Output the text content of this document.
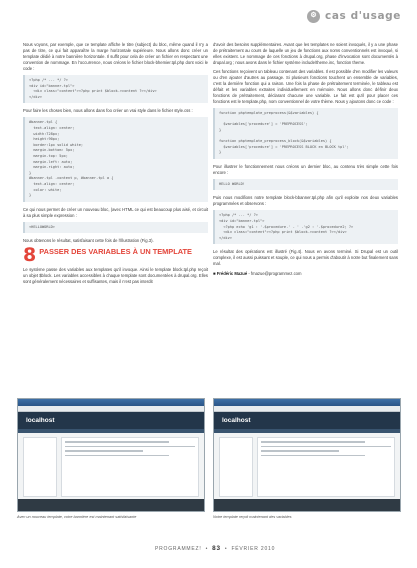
⚙ cas d'usage

Nous voyons, par exemple, que ce template affiche le titre (subject) du bloc, même quand il n'y a pas de titre, ce qui fait apparaître la marge horizontale supérieure. Nous allons donc créer un template dédié à notre bannière horizontale. Il suffit pour cela de créer un fichier en respectant une convention de nommage. En l'occurrence, nous créons le fichier block-bhemier.tpl.php dont voici le code :

<?php /* ... */ ?>
<div id="banner-tpl">
<div class="content"><?php print $block->content ?></div>
</div>

Pour faire les choses bien, nous allons dans foo créer un vrai style dans le fichier style.css :

#banner-tpl {
text-align: center;
width:728px;
height:90px;
border:1px solid white;
margin-bottom: 5px;
margin-top: 5px;
margin-left: auto;
margin-right: auto;
}
#banner-tpl .content p, #banner-tpl a {
text-align: center;
color: white;
}

Ce qui nous permet de créer un nouveau bloc, (avec HTML ce qui est beaucoup plus aisé, et circuit à sa plus simple expression :

<HELLOWORLD>

Nous obtenons le résultat, satisfaisant cette fois de l'illustration (Fig.3).

8 PASSER DES VARIABLES À UN TEMPLATE

Le système passe des variables aux templates qu'il invoque. Ainsi le template block.tpl.php reçoit un objet $block. Les variables accessibles à chaque template sont documentées à drupal.org. Elles sont généralement nécessaires et suffisantes, mais il n'est pas interdit

d'avoir des besoins supplémentaires. Avant que les templates ne soient invoqués, il y a une phase de prétraitement au cours de laquelle un jeu de fonctions aux noms conventionnels est invoqué, si elles existent. Le nommage de ces fonctions à drupal.org, phase d'invocation sont documentés à drupal.org ; nous avons dans le fichier système include/theme.inc, fonction theme.

Ces fonctions reçoivent un tableau contenant des variables. Il est possible d'en modifier les valeurs ou d'en ajouter d'autres au passage. Si plusieurs fonctions touchent un ensemble de variables, c'est la dernière fonction qui a raison. Une fois la phase de prétraitement terminée, le tableau est défait et les variables extraites individuellement en mémoire. Nous allons donc définir deux fonctions de prétraitement, déclarant chacune une variable. Le fait est qu'il pour placer ces fonctions est le template.php, nom conventionnel de votre thème. Nous y ajoutons donc ce code :

function phptemplate_preprocess(&$variables) {

$variables['procedure'] = 'PREPROCESS';
}

function phptemplate_preprocess_block(&$variables) {
$variables['procedure'] = 'PREPROCESS BLOCK en BLOCK tpl';
}

Pour illustrer le fonctionnement nous créons un dernier bloc, au contenu très simple cette fois encore :

HELLO WORLD!

Puis nous modifions notre template block-bbanner.tpl.php afin qu'il exploite nos deux variables programmées et observons :

<?php /* ... */ ?>
<div id="banner-tpl">
<?php echo 'g1 : '.$procedure.' - ' .'g2 : '.$procedure2; ?>
<div class="content"><?php print $block->content ?></div>
</div>

Le résultat des opérations est illustré (Fig.4). Nous en avons terminé. Si Drupal est un outil complexe, il est aussi puissant et souple, ce qui nous a permis d'aboutir à notre but finalement sans mal.

■ Frédéric Mazué - fmazue@programmez.com

localhost	localhost
Avec un nouveau template, votre bannière est maintenant satisfaisante	Notre template reçoit maintenant des variables
PROGRAMMEZ! • 83 • FÉVRIER 2010
